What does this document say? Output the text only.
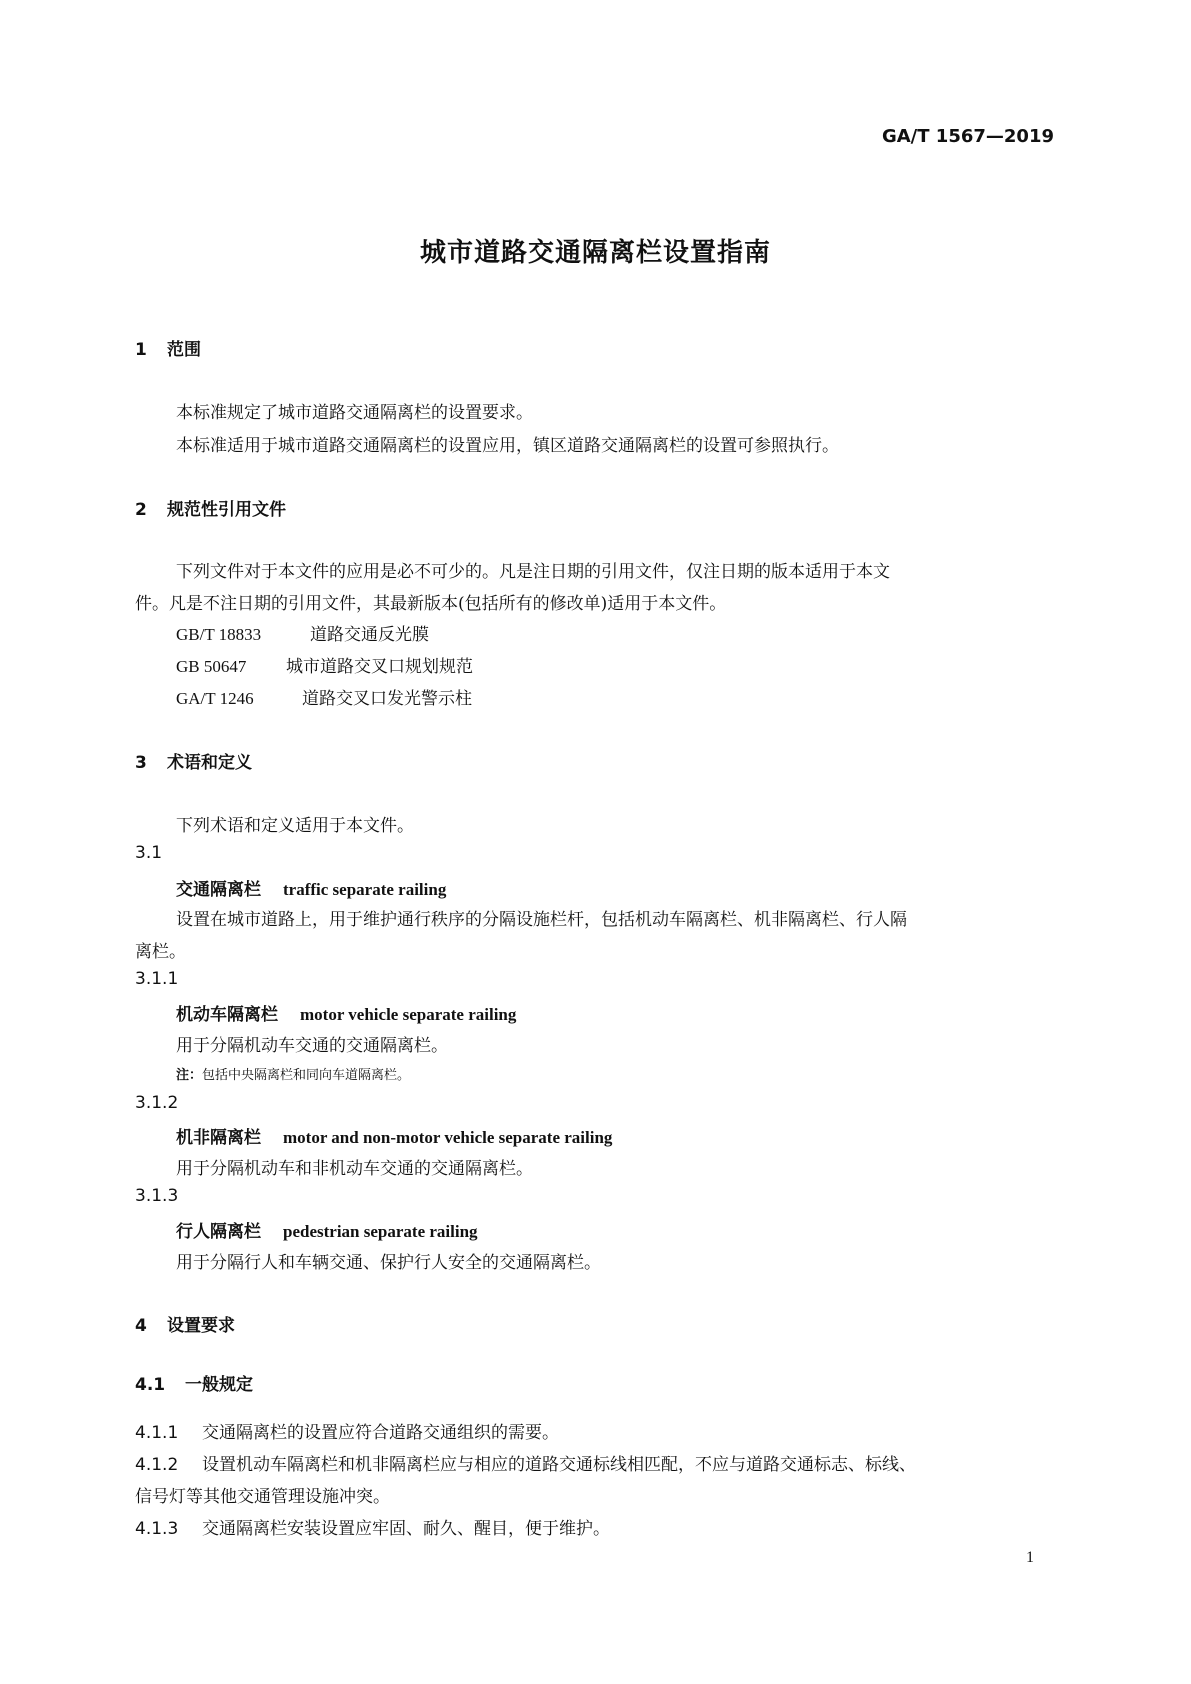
GA/T 1567—2019
城市道路交通隔离栏设置指南
1 范围
本标准规定了城市道路交通隔离栏的设置要求。
本标准适用于城市道路交通隔离栏的设置应用，镇区道路交通隔离栏的设置可参照执行。
2 规范性引用文件
下列文件对于本文件的应用是必不可少的。凡是注日期的引用文件，仅注日期的版本适用于本文
件。凡是不注日期的引用文件，其最新版本(包括所有的修改单)适用于本文件。
GB/T 18833	道路交通反光膜
GB 50647 城市道路交叉口规划规范
GA/T 1246	道路交叉口发光警示柱
3 术语和定义
下列术语和定义适用于本文件。
3.1
交通隔离栏 traffic separate railing
设置在城市道路上，用于维护通行秩序的分隔设施栏杆，包括机动车隔离栏、机非隔离栏、行人隔
离栏。
3.1.1
机动车隔离栏 motor vehicle separate railing
用于分隔机动车交通的交通隔离栏。
注：包括中央隔离栏和同向车道隔离栏。
3.1.2
机非隔离栏 motor and non-motor vehicle separate railing
用于分隔机动车和非机动车交通的交通隔离栏。
3.1.3
行人隔离栏 pedestrian separate railing
用于分隔行人和车辆交通、保护行人安全的交通隔离栏。
4 设置要求
4.1 一般规定
4.1.1 交通隔离栏的设置应符合道路交通组织的需要。
4.1.2 设置机动车隔离栏和机非隔离栏应与相应的道路交通标线相匹配，不应与道路交通标志、标线、
信号灯等其他交通管理设施冲突。
4.1.3 交通隔离栏安装设置应牢固、耐久、醒目，便于维护。
1
